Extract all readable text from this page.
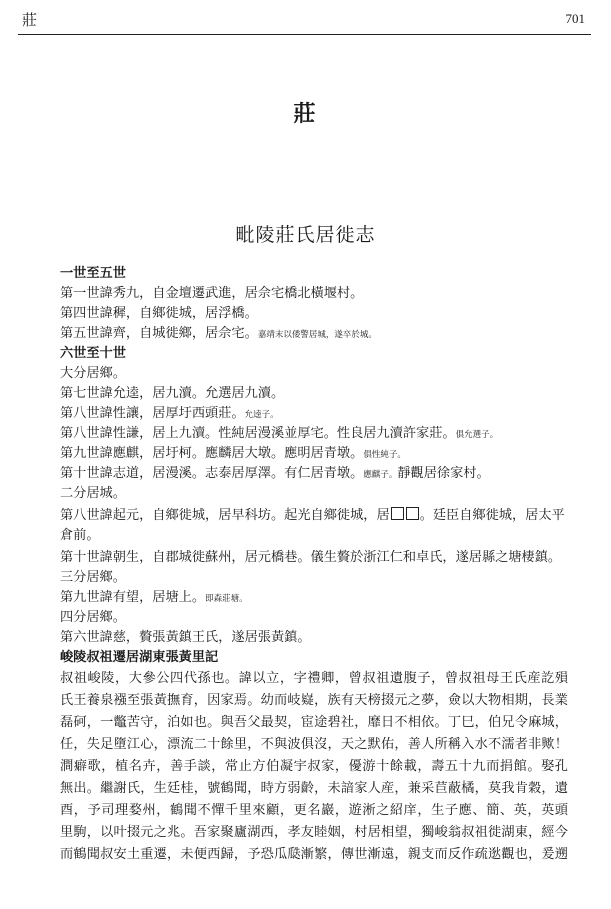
莊	701
莊
毗陵莊氏居徙志
一世至五世
第一世諱秀九，自金壇遷武進，居佘宅橋北橫堰村。
第四世諱穉，自鄉徙城，居浮橋。
第五世諱齊，自城徙鄉，居佘宅。嘉靖末以倭警居城，遂卒於城。
六世至十世
大分居鄉。
第七世諱允逵，居九瀆。允選居九瀆。
第八世諱性讓，居厚圩西頭莊。允逵子。
第八世諱性謙，居上九瀆。性純居漫溪並厚宅。性良居九瀆許家莊。俱允選子。
第九世諱應麒，居圩柯。應麟居大墩。應明居青墩。俱性純子。
第十世諱志道，居漫溪。志泰居厚澤。有仁居青墩。應麒子。靜觀居徐家村。
二分居城。
第八世諱起元，自鄉徙城，居早科坊。起光自鄉徙城，居 。廷臣自鄉徙城，居太平
倉前。
第十世諱朝生，自郡城徙蘇州，居元橋巷。儀生贅於浙江仁和卓氏，遂居縣之塘棲鎮。
三分居鄉。
第九世諱有望，居塘上。即森莊塘。
四分居鄉。
第六世諱慈，贅張黃鎮王氏，遂居張黃鎮。
峻陵叔祖遷居湖東張黃里記
叔祖峻陵，大參公四代孫也。諱以立，字禮卿，曾叔祖遺腹子，曾叔祖母王氏産訖殞
氏王養泉襁至張黃撫育，因家焉。幼而岐嶷，族有天榜掇元之夢，僉以大物相期，長業
磊砢，一鼈苦守，泊如也。與吾父最契，宦途碧社，靡日不相依。丁巳，伯兄令麻城，
任，失足墮江心，漂流二十餘里，不與波俱沒，天之默佑，善人所稱入水不濡者非歟！
澗癖歌，植名卉，善手談，常止方伯凝宇叔家，優游十餘載，壽五十九而捐館。娶孔
無出。繼謝氏，生廷桂，號鶴聞，時方弱齡，未諳家人産，兼采苣蔽橘，莫我肯穀，遺
酉，予司理婺州，鶴聞不憚千里來顧，更名巖，遊淅之紹庠，生子應、簡、英，英頭
里駒，以叶掇元之兆。吾家聚廬湖西，孝友睦姻，村居相望，獨峻翁叔祖徙湖東，經今
而鶴聞叔安土重遷，未便西歸，予恐瓜瓞漸繁，傳世漸遠，親支而反作疏逖觀也，爰遡
